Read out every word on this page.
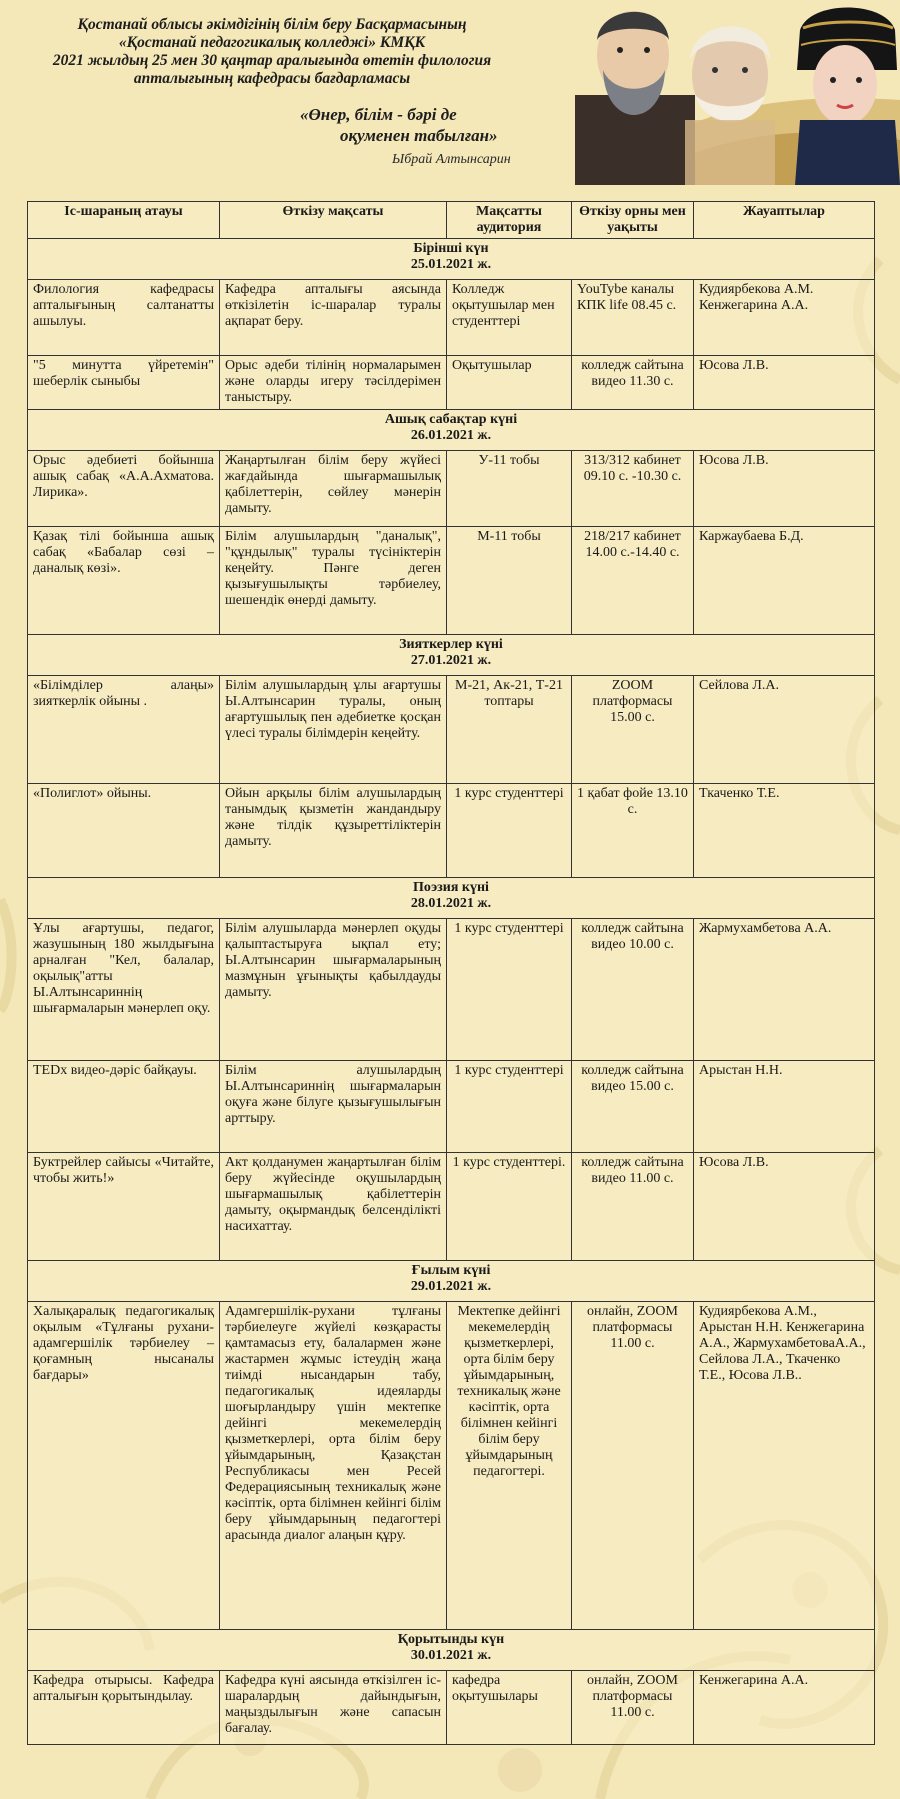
Қостанай облысы әкімдігінің білім беру Басқармасының
«Қостанай педагогикалық колледжі» КМҚК
2021 жылдың 25 мен 30 қаңтар аралығында өтетін филология
апталығының кафедрасы бағдарламасы
«Өнер, білім - бәрі де
оқуменен табылған»
Ыбрай Алтынсарин
Іс-шараның атауы	Өткізу мақсаты	Мақсатты аудитория	Өткізу орны мен уақыты	Жауаптылар

Бірінші күн
25.01.2021 ж.				

Филология кафедрасы апталығының салтанатты ашылуы.	Кафедра апталығы аясында өткізілетін іс-шаралар туралы ақпарат беру.	Колледж оқытушылар мен студенттері	YouTybe каналы КПК life 08.45 с.	Кудиярбекова А.М. Кенжегарина А.А.
"5 минутта үйретемін" шеберлік сыныбы	Орыс әдеби тілінің нормаларымен және оларды игеру тәсілдерімен таныстыру.	Оқытушылар	колледж сайтына видео 11.30 с.	Юсова Л.В.

Ашық сабақтар күні
26.01.2021 ж.				

Орыс әдебиеті бойынша ашық сабақ «А.А.Ахматова. Лирика».	Жаңартылған білім беру жүйесі жағдайында шығармашылық қабілеттерін, сөйлеу мәнерін дамыту.	У-11 тобы	313/312 кабинет 09.10 с. -10.30 с.	Юсова Л.В.
Қазақ тілі бойынша ашық сабақ «Бабалар сөзі – даналық көзі».	Білім алушылардың "даналық", "құндылық" туралы түсініктерін кеңейту. Пәнге деген қызығушылықты тәрбиелеу, шешендік өнерді дамыту.	М-11 тобы	218/217 кабинет 14.00 с.-14.40 с.	Каржаубаева Б.Д.

Зияткерлер күні
27.01.2021 ж.				

«Білімділер алаңы» зияткерлік ойыны .	Білім алушылардың ұлы ағартушы Ы.Алтынсарин туралы, оның ағартушылық пен әдебиетке қосқан үлесі туралы білімдерін кеңейту.	М-21, Ак-21, Т-21 топтары	ZOOM платформасы 15.00 с.	Сейлова Л.А.
«Полиглот» ойыны.	Ойын арқылы білім алушылардың танымдық қызметін жандандыру және тілдік құзыреттіліктерін дамыту.	1 курс студенттері	1 қабат фойе 13.10 с.	Ткаченко Т.Е.

Поэзия күні
28.01.2021 ж.				

Ұлы ағартушы, педагог, жазушының 180 жылдығына арналған "Кел, балалар, оқылық"атты Ы.Алтынсариннің шығармаларын мәнерлеп оқу.	Білім алушыларда мәнерлеп оқуды қалыптастыруға ықпал ету; Ы.Алтынсарин шығармаларының мазмұнын ұғынықты қабылдауды дамыту.	1 курс студенттері	колледж сайтына видео 10.00 с.	Жармухамбетова А.А.
TEDx видео-дәріс байқауы.	Білім алушылардың Ы.Алтынсариннің шығармаларын оқуға және білуге қызығушылығын арттыру.	1 курс студенттері	колледж сайтына видео 15.00 с.	Арыстан Н.Н.
Буктрейлер сайысы «Читайте, чтобы жить!»	Акт қолданумен жаңартылған білім беру жүйесінде оқушылардың шығармашылық қабілеттерін дамыту, оқырмандық белсенділікті насихаттау.	1 курс студенттері.	колледж сайтына видео 11.00 с.	Юсова Л.В.

Ғылым күні
29.01.2021 ж.				

Халықаралық педагогикалық оқылым «Тұлғаны рухани-адамгершілік тәрбиелеу – қоғамның нысаналы бағдары»	Адамгершілік-рухани тұлғаны тәрбиелеуге жүйелі көзқарасты қамтамасыз ету, балалармен және жастармен жұмыс істеудің жаңа тиімді нысандарын табу, педагогикалық идеяларды шоғырландыру үшін мектепке дейінгі мекемелердің қызметкерлері, орта білім беру ұйымдарының, Қазақстан Республикасы мен Ресей Федерациясының техникалық және кәсіптік, орта білімнен кейінгі білім беру ұйымдарының педагогтері арасында диалог алаңын құру.	Мектепке дейінгі мекемелердің қызметкерлері, орта білім беру ұйымдарының, техникалық және кәсіптік, орта білімнен кейінгі білім беру ұйымдарының педагогтері.	онлайн, ZOOM платформасы 11.00 с.	Кудиярбекова А.М., Арыстан Н.Н. Кенжегарина А.А., ЖармухамбетоваА.А., Сейлова Л.А., Ткаченко Т.Е., Юсова Л.В..

Қорытынды күн
30.01.2021 ж.				

Кафедра отырысы. Кафедра апталығын қорытындылау.	Кафедра күні аясында өткізілген іс-шаралардың дайындығын, маңыздылығын және сапасын бағалау.	кафедра оқытушылары	онлайн, ZOOM платформасы 11.00 с.	Кенжегарина А.А.
